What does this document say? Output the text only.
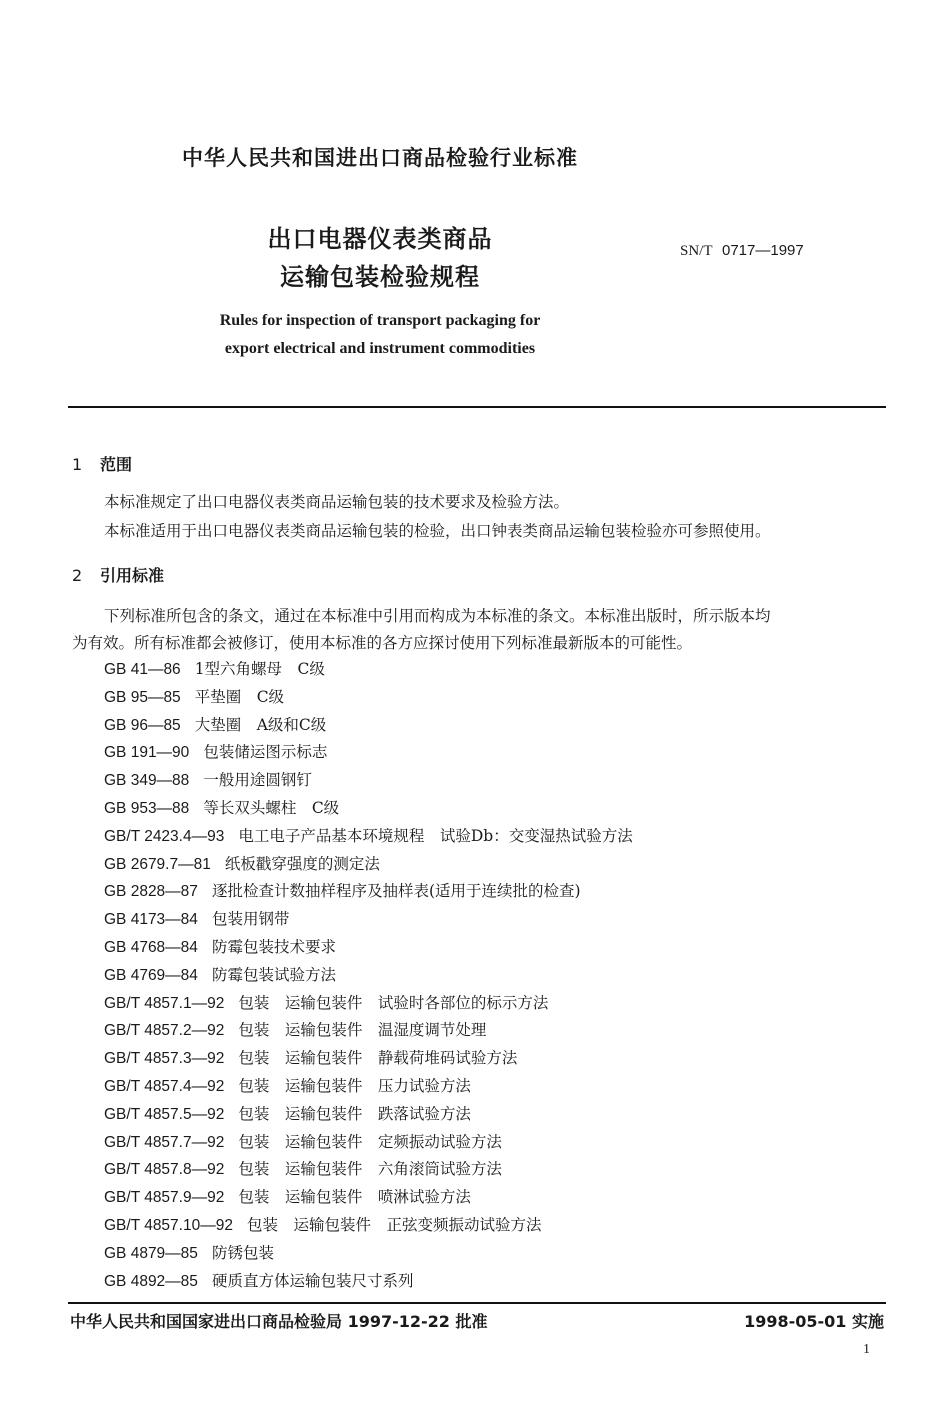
中华人民共和国进出口商品检验行业标准
出口电器仪表类商品
运输包装检验规程
SN/T 0717—1997
Rules for inspection of transport packaging for
export electrical and instrument commodities
1 范围
本标准规定了出口电器仪表类商品运输包装的技术要求及检验方法。
本标准适用于出口电器仪表类商品运输包装的检验，出口钟表类商品运输包装检验亦可参照使用。
2 引用标准
下列标准所包含的条文，通过在本标准中引用而构成为本标准的条文。本标准出版时，所示版本均
为有效。所有标准都会被修订，使用本标准的各方应探讨使用下列标准最新版本的可能性。
GB 41—86 1型六角螺母　C级
GB 95—85 平垫圈　C级
GB 96—85 大垫圈　A级和C级
GB 191—90 包装储运图示标志
GB 349—88 一般用途圆钢钉
GB 953—88 等长双头螺柱　C级
GB/T 2423.4—93 电工电子产品基本环境规程　试验Db：交变湿热试验方法
GB 2679.7—81 纸板戳穿强度的测定法
GB 2828—87 逐批检查计数抽样程序及抽样表(适用于连续批的检查)
GB 4173—84 包装用钢带
GB 4768—84 防霉包装技术要求
GB 4769—84 防霉包装试验方法
GB/T 4857.1—92 包装　运输包装件　试验时各部位的标示方法
GB/T 4857.2—92 包装　运输包装件　温湿度调节处理
GB/T 4857.3—92 包装　运输包装件　静载荷堆码试验方法
GB/T 4857.4—92 包装　运输包装件　压力试验方法
GB/T 4857.5—92 包装　运输包装件　跌落试验方法
GB/T 4857.7—92 包装　运输包装件　定频振动试验方法
GB/T 4857.8—92 包装　运输包装件　六角滚筒试验方法
GB/T 4857.9—92 包装　运输包装件　喷淋试验方法
GB/T 4857.10—92 包装　运输包装件　正弦变频振动试验方法
GB 4879—85 防锈包装
GB 4892—85 硬质直方体运输包装尺寸系列
中华人民共和国国家进出口商品检验局 1997-12-22 批准	1998-05-01 实施
1
